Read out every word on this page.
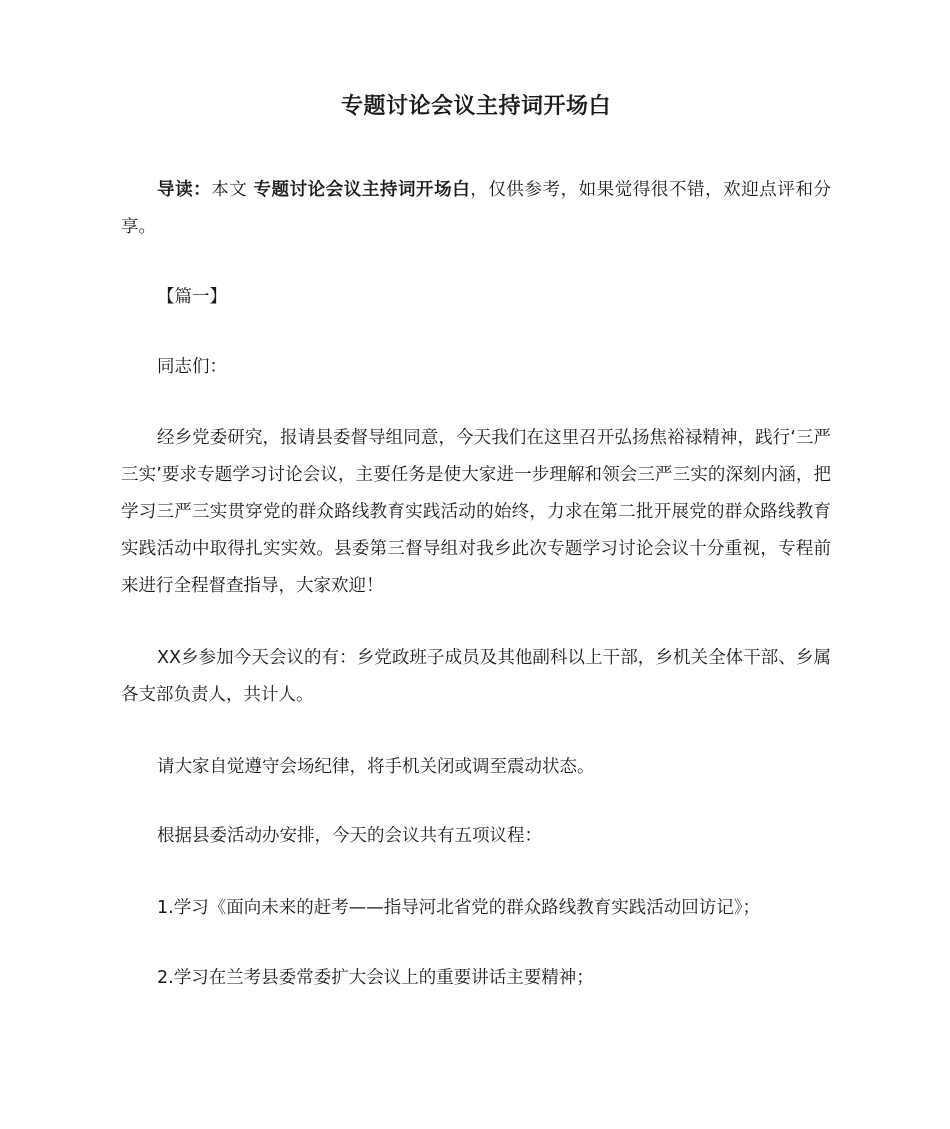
专题讨论会议主持词开场白

导读：本文 专题讨论会议主持词开场白，仅供参考，如果觉得很不错，欢迎点评和分享。

【篇一】

同志们：

经乡党委研究，报请县委督导组同意，今天我们在这里召开弘扬焦裕禄精神，践行‘三严三实’要求专题学习讨论会议，主要任务是使大家进一步理解和领会三严三实的深刻内涵，把学习三严三实贯穿党的群众路线教育实践活动的始终，力求在第二批开展党的群众路线教育实践活动中取得扎实实效。县委第三督导组对我乡此次专题学习讨论会议十分重视，专程前来进行全程督查指导，大家欢迎！

XX乡参加今天会议的有：乡党政班子成员及其他副科以上干部，乡机关全体干部、乡属各支部负责人，共计人。

请大家自觉遵守会场纪律，将手机关闭或调至震动状态。

根据县委活动办安排，今天的会议共有五项议程：

1.学习《面向未来的赶考——指导河北省党的群众路线教育实践活动回访记》；

2.学习在兰考县委常委扩大会议上的重要讲话主要精神；
